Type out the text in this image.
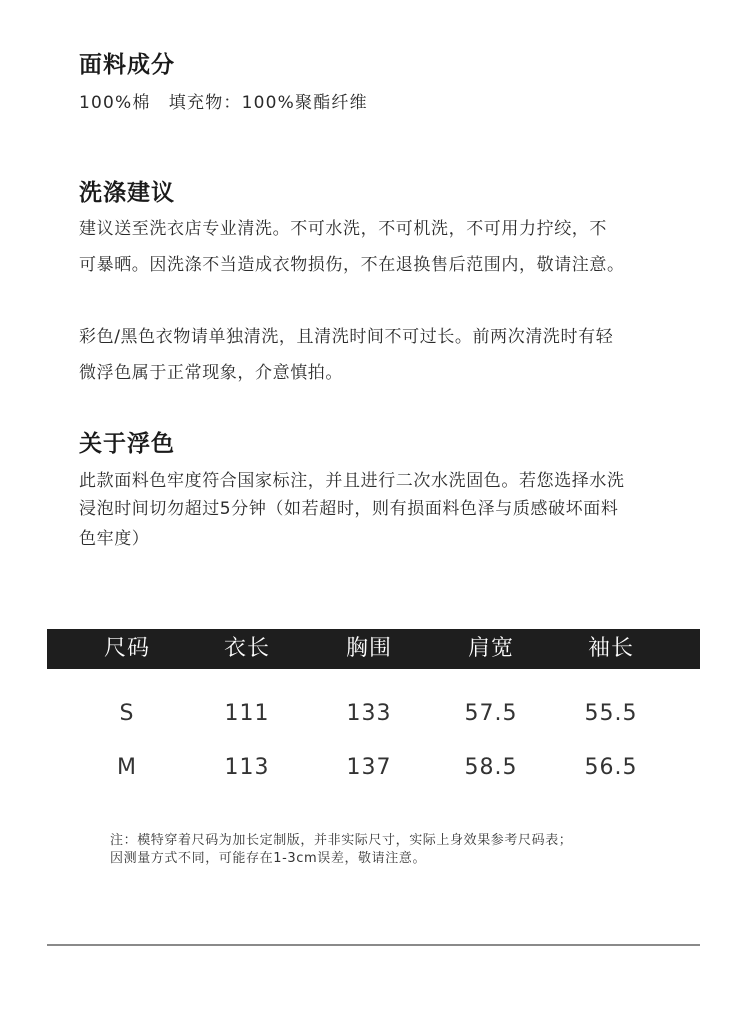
面料成分

100%棉　填充物：100%聚酯纤维

洗涤建议

建议送至洗衣店专业清洗。不可水洗，不可机洗，不可用力拧绞，不

可暴晒。因洗涤不当造成衣物损伤，不在退换售后范围内，敬请注意。

彩色/黑色衣物请单独清洗，且清洗时间不可过长。前两次清洗时有轻

微浮色属于正常现象，介意慎拍。

关于浮色

此款面料色牢度符合国家标注，并且进行二次水洗固色。若您选择水洗

浸泡时间切勿超过5分钟（如若超时，则有损面料色泽与质感破坏面料

色牢度）

尺码	衣长	胸围	肩宽	袖长
S	111	133	57.5	55.5
M	113	137	58.5	56.5

注：模特穿着尺码为加长定制版，并非实际尺寸，实际上身效果参考尺码表；

因测量方式不同，可能存在1-3cm误差，敬请注意。
